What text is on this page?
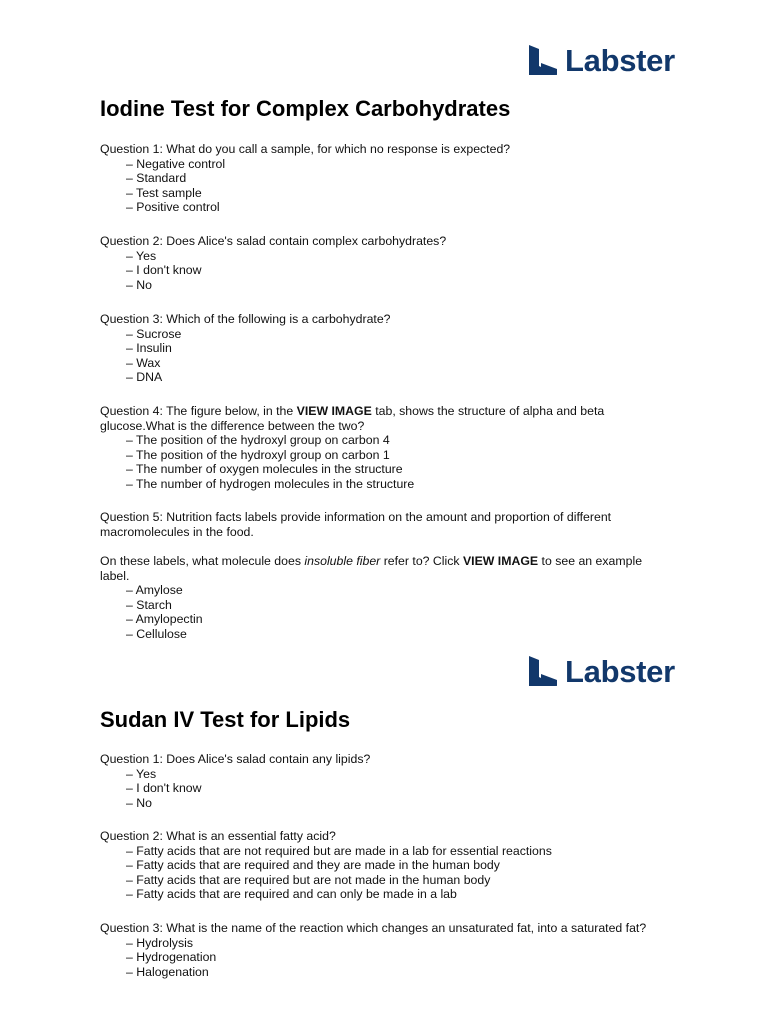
Labster
Iodine Test for Complex Carbohydrates

Question 1: What do you call a sample, for which no response is expected?

– Negative control
– Standard
– Test sample
– Positive control

Question 2: Does Alice's salad contain complex carbohydrates?

– Yes
– I don't know
– No

Question 3: Which of the following is a carbohydrate?

– Sucrose
– Insulin
– Wax
– DNA

Question 4: The figure below, in the VIEW IMAGE tab, shows the structure of alpha and beta glucose.What is the difference between the two?

– The position of the hydroxyl group on carbon 4
– The position of the hydroxyl group on carbon 1
– The number of oxygen molecules in the structure
– The number of hydrogen molecules in the structure

Question 5: Nutrition facts labels provide information on the amount and proportion of different macromolecules in the food.

On these labels, what molecule does insoluble fiber refer to? Click VIEW IMAGE to see an example label.

– Amylose
– Starch
– Amylopectin
– Cellulose
Labster
Sudan IV Test for Lipids

Question 1: Does Alice's salad contain any lipids?

– Yes
– I don't know
– No

Question 2: What is an essential fatty acid?

– Fatty acids that are not required but are made in a lab for essential reactions
– Fatty acids that are required and they are made in the human body
– Fatty acids that are required but are not made in the human body
– Fatty acids that are required and can only be made in a lab

Question 3: What is the name of the reaction which changes an unsaturated fat, into a saturated fat?

– Hydrolysis
– Hydrogenation
– Halogenation
